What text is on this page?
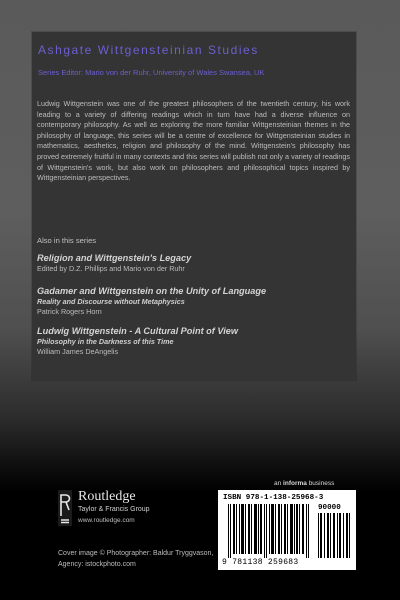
Ashgate Wittgensteinian Studies
Series Editor: Mario von der Ruhr, University of Wales Swansea, UK

Ludwig Wittgenstein was one of the greatest philosophers of the twentieth century, his work leading to a variety of differing readings which in turn have had a diverse influence on contemporary philosophy. As well as exploring the more familiar Wittgensteinian themes in the philosophy of language, this series will be a centre of excellence for Wittgensteinian studies in mathematics, aesthetics, religion and philosophy of the mind. Wittgenstein's philosophy has proved extremely fruitful in many contexts and this series will publish not only a variety of readings of Wittgenstein's work, but also work on philosophers and philosophical topics inspired by Wittgensteinian perspectives.

Also in this series
Religion and Wittgenstein's Legacy
Edited by D.Z. Phillips and Mario von der Ruhr
Gadamer and Wittgenstein on the Unity of Language
Reality and Discourse without Metaphysics
Patrick Rogers Horn
Ludwig Wittgenstein - A Cultural Point of View
Philosophy in the Darkness of this Time
William James DeAngelis
an informa business
Routledge
Taylor & Francis Group
www.routledge.com
Cover image © Photographer: Baldur Tryggvason,
Agency: istockphoto.com
ISBN 978-1-138-25968-3
90000
9 781138 259683
